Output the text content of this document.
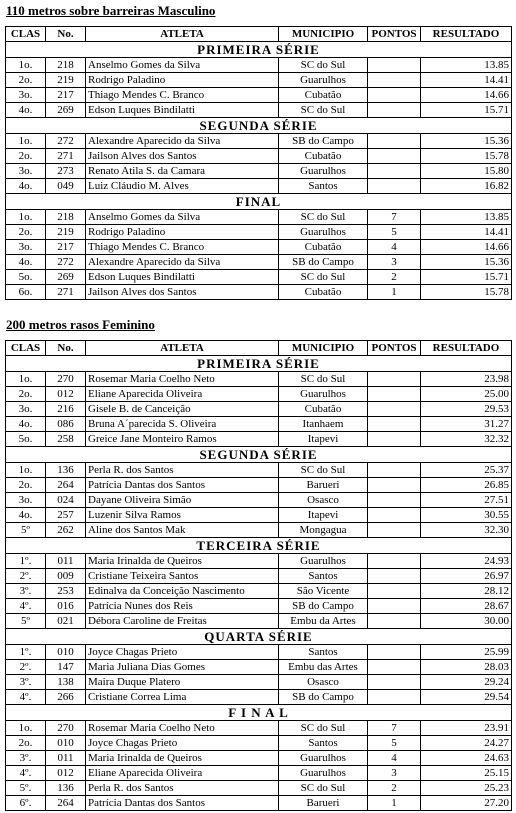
110 metros sobre barreiras Masculino
CLAS	No.	ATLETA	MUNICIPIO	PONTOS	RESULTADO
PRIMEIRA SÉRIE					
1o.	218	Anselmo Gomes da Silva	SC do Sul		13.85
2o.	219	Rodrigo Paladino	Guarulhos		14.41
3o.	217	Thiago Mendes C. Branco	Cubatão		14.66
4o.	269	Edson Luques Bindilatti	SC do Sul		15.71
SEGUNDA SÉRIE					
1o.	272	Alexandre Aparecido da Silva	SB do Campo		15.36
2o.	271	Jailson Alves dos Santos	Cubatão		15.78
3o.	273	Renato Atila S. da Camara	Guarulhos		15.80
4o.	049	Luiz Cláudio M. Alves	Santos		16.82
FINAL					
1o.	218	Anselmo Gomes da Silva	SC do Sul	7	13.85
2o.	219	Rodrigo Paladino	Guarulhos	5	14.41
3o.	217	Thiago Mendes C. Branco	Cubatão	4	14.66
4o.	272	Alexandre Aparecido da Silva	SB do Campo	3	15.36
5o.	269	Edson Luques Bindilatti	SC do Sul	2	15.71
6o.	271	Jailson Alves dos Santos	Cubatão	1	15.78
200 metros rasos Feminino
CLAS	No.	ATLETA	MUNICIPIO	PONTOS	RESULTADO
PRIMEIRA SÉRIE					
1o.	270	Rosemar Maria Coelho Neto	SC do Sul		23.98
2o.	012	Eliane Aparecida Oliveira	Guarulhos		25.00
3o.	216	Gisele B. de Canceição	Cubatão		29.53
4o.	086	Bruna A´parecida S. Oliveira	Itanhaem		31.27
5o.	258	Greice Jane Monteiro Ramos	Itapevi		32.32
SEGUNDA SÉRIE					
1o.	136	Perla R. dos Santos	SC do Sul		25.37
2o.	264	Patrícia Dantas dos Santos	Barueri		26.85
3o.	024	Dayane Oliveira Simão	Osasco		27.51
4o.	257	Luzenir Silva Ramos	Itapevi		30.55
5º	262	Aline dos Santos Mak	Mongagua		32.30
TERCEIRA SÉRIE					
1º.	011	Maria Irinalda de Queiros	Guarulhos		24.93
2º.	009	Cristiane Teixeira Santos	Santos		26.97
3º.	253	Edinalva da Conceição Nascimento	São Vicente		28.12
4º.	016	Patrícia Nunes dos Reis	SB do Campo		28.67
5º	021	Débora Caroline de Freitas	Embu da Artes		30.00
QUARTA SÉRIE					
1º.	010	Joyce Chagas Prieto	Santos		25.99
2º.	147	Maria Juliana Dias Gomes	Embu das Artes		28.03
3º.	138	Maira Duque Platero	Osasco		29.24
4º.	266	Cristiane Correa Lima	SB do Campo		29.54
F I N A L					
1o.	270	Rosemar Maria Coelho Neto	SC do Sul	7	23.91
2o.	010	Joyce Chagas Prieto	Santos	5	24.27
3º.	011	Maria Irinalda de Queiros	Guarulhos	4	24.63
4º.	012	Eliane Aparecida Oliveira	Guarulhos	3	25.15
5º.	136	Perla R. dos Santos	SC do Sul	2	25.23
6º.	264	Patrícia Dantas dos Santos	Barueri	1	27.20
